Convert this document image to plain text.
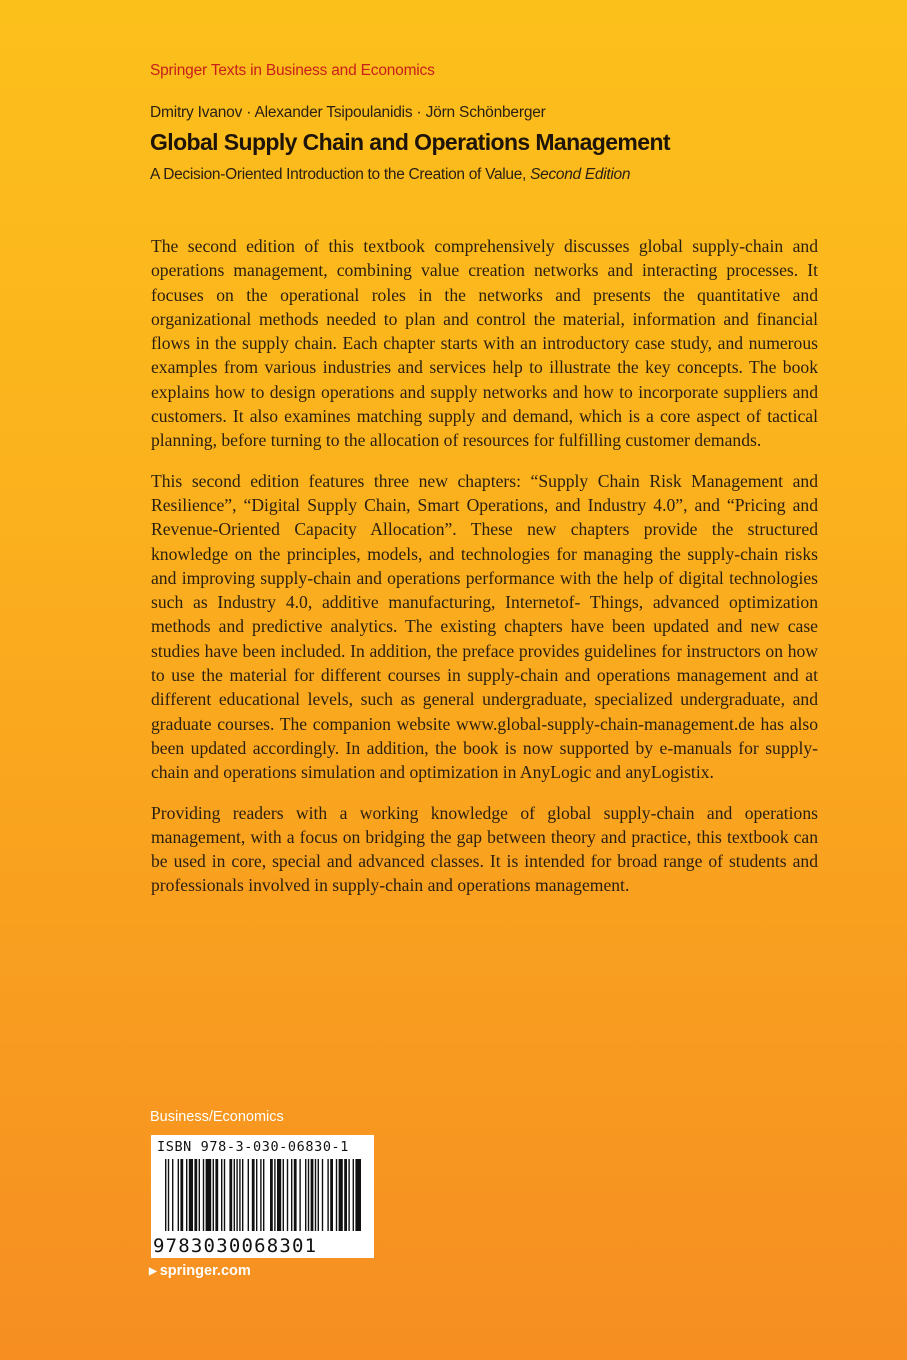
Springer Texts in Business and Economics
Dmitry Ivanov · Alexander Tsipoulanidis · Jörn Schönberger
Global Supply Chain and Operations Management
A Decision-Oriented Introduction to the Creation of Value, Second Edition

The second edition of this textbook comprehensively discusses global supply-chain and operations management, combining value creation networks and interacting processes. It focuses on the operational roles in the networks and presents the quantitative and organizational methods needed to plan and control the material, information and financial flows in the supply chain. Each chapter starts with an introductory case study, and numerous examples from various industries and services help to illustrate the key concepts. The book explains how to design operations and supply networks and how to incorporate suppliers and customers. It also examines matching supply and demand, which is a core aspect of tactical planning, before turning to the allocation of resources for fulfilling customer demands.

This second edition features three new chapters: “Supply Chain Risk Management and Resilience”, “Digital Supply Chain, Smart Operations, and Industry 4.0”, and “Pricing and Revenue-Oriented Capacity Allocation”. These new chapters provide the structured knowledge on the principles, models, and technologies for managing the supply-chain risks and improving supply-chain and operations performance with the help of digital technologies such as Industry 4.0, additive manufacturing, Internetof- Things, advanced optimization methods and predictive analytics. The existing chapters have been updated and new case studies have been included. In addition, the preface provides guidelines for instructors on how to use the material for different courses in supply-chain and operations management and at different educational levels, such as general undergraduate, specialized undergraduate, and graduate courses. The companion website www.global-supply-chain-management.de has also been updated accordingly. In addition, the book is now supported by e-manuals for supply-chain and operations simulation and optimization in AnyLogic and anyLogistix.

Providing readers with a working knowledge of global supply-chain and operations management, with a focus on bridging the gap between theory and practice, this textbook can be used in core, special and advanced classes. It is intended for broad range of students and professionals involved in supply-chain and operations management.

Business/Economics
ISBN 978-3-030-06830-1
9783030068301
▶ springer.com
